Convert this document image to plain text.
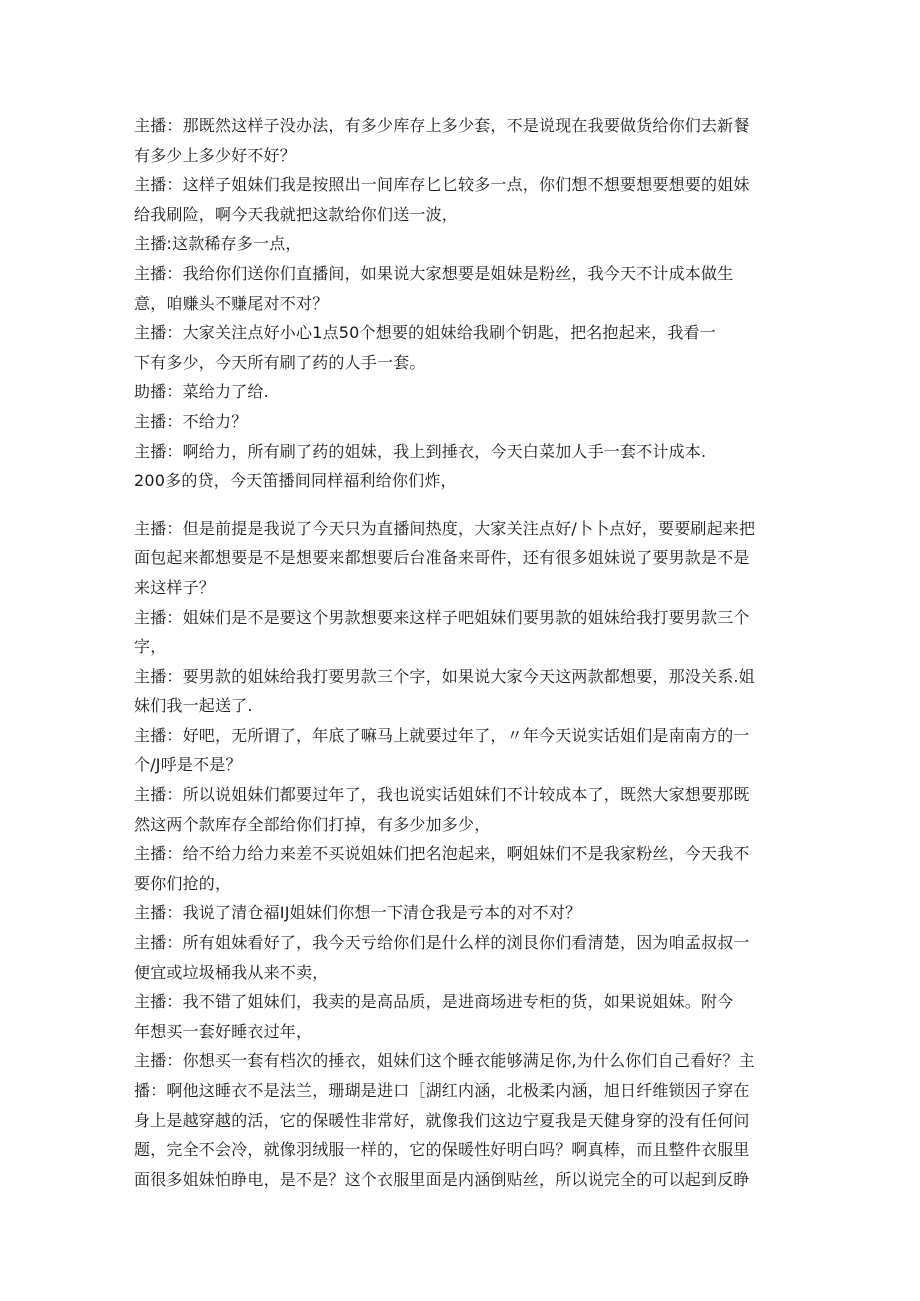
主播：那既然这样子没办法，有多少库存上多少套，不是说现在我要做货给你们去新餐
有多少上多少好不好？
主播：这样子姐妹们我是按照出一间库存匕匕较多一点，你们想不想要想要想要的姐妹
给我刷险，啊今天我就把这款给你们送一波，
主播:这款稀存多一点，
主播：我给你们送你们直播间，如果说大家想要是姐妹是粉丝，我今天不计成本做生
意，咱赚头不赚尾对不对？
主播：大家关注点好小心1点50个想要的姐妹给我刷个钥匙，把名抱起来，我看一
下有多少，今天所有刷了药的人手一套。
助播：菜给力了给.
主播：不给力？
主播：啊给力，所有刷了药的姐妹，我上到捶衣，今天白菜加人手一套不计成本.
200多的贷，今天笛播间同样福利给你们炸，
主播：但是前提是我说了今天只为直播间热度，大家关注点好/卜卜点好，要要刷起来把
面包起来都想要是不是想要来都想要后台准备来哥件，还有很多姐妹说了要男款是不是
来这样子？
主播：姐妹们是不是要这个男款想要来这样子吧姐妹们要男款的姐妹给我打要男款三个
字，
主播：要男款的姐妹给我打要男款三个字，如果说大家今天这两款都想要，那没关系.姐
妹们我一起送了.
主播：好吧，无所谓了，年底了嘛马上就要过年了，〃年今天说实话姐们是南南方的一
个/J呼是不是？
主播：所以说姐妹们都要过年了，我也说实话姐妹们不计较成本了，既然大家想要那既
然这两个款库存全部给你们打掉，有多少加多少，
主播：给不给力给力来差不买说姐妹们把名泡起来，啊姐妹们不是我家粉丝，今天我不
要你们抢的，
主播：我说了清仓福IJ姐妹们你想一下清仓我是亏本的对不对？
主播：所有姐妹看好了，我今天亏给你们是什么样的浏艮你们看清楚，因为咱孟叔叔一
便宜或垃圾桶我从来不卖，
主播：我不错了姐妹们，我卖的是高品质，是进商场进专柜的货，如果说姐妹。附今
年想买一套好睡衣过年，
主播：你想买一套有档次的捶衣，姐妹们这个睡衣能够满足你,为什么你们自己看好？主
播：啊他这睡衣不是法兰，珊瑚是进口［湖红内涵，北极柔内涵，旭日纤维锁因子穿在
身上是越穿越的活，它的保暖性非常好，就像我们这边宁夏我是天健身穿的没有任何问
题，完全不会冷，就像羽绒服一样的，它的保暖性好明白吗？啊真棒，而且整件衣服里
面很多姐妹怕睁电，是不是？这个衣服里面是内涵倒贴丝，所以说完全的可以起到反睁
